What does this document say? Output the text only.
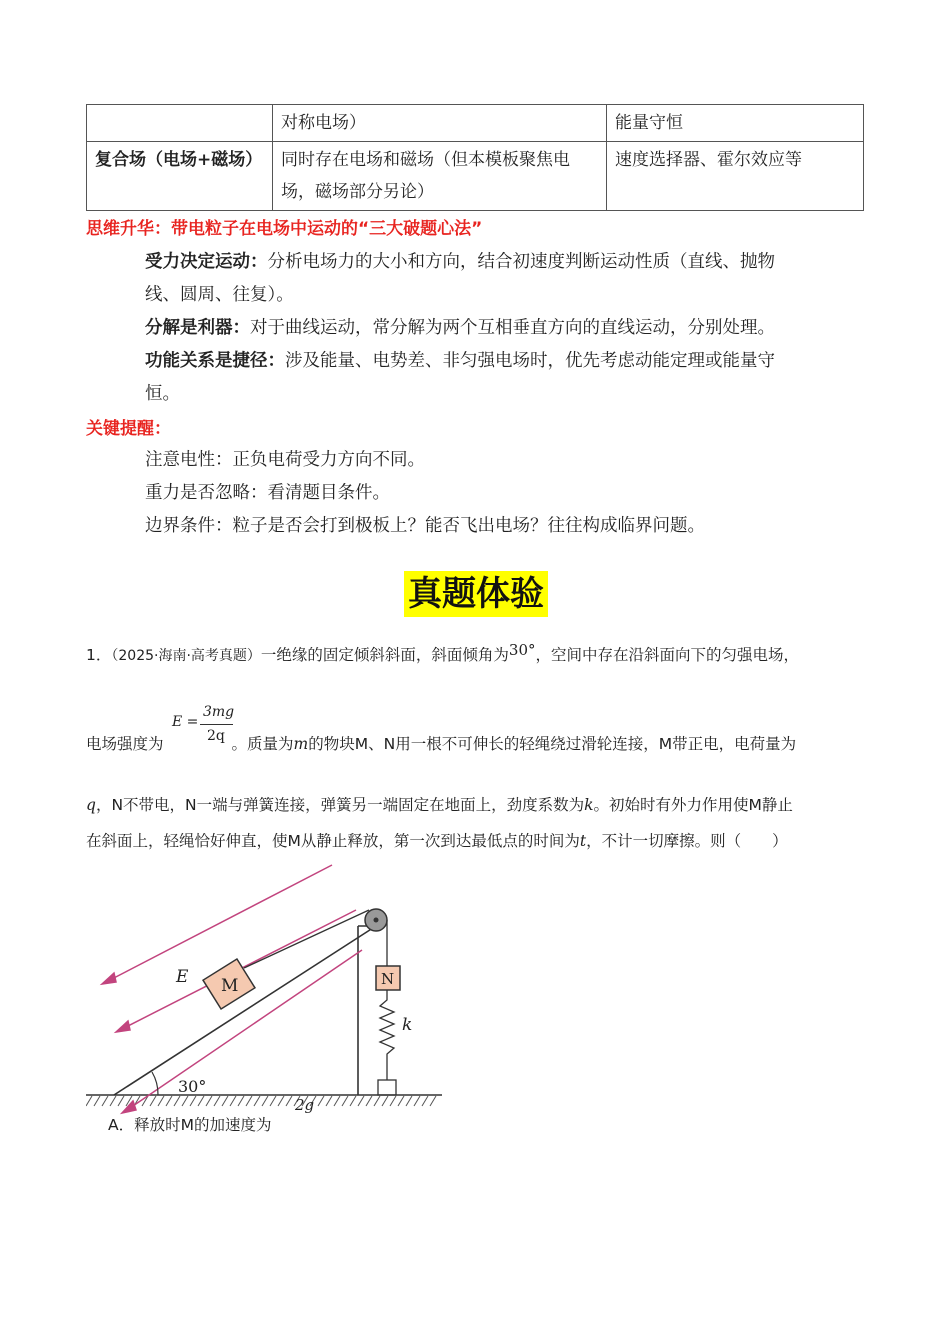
	对称电场）	能量守恒
复合场（电场+磁场）	同时存在电场和磁场（但本模板聚焦电场，磁场部分另论）	速度选择器、霍尔效应等
思维升华：带电粒子在电场中运动的“三大破题心法”
受力决定运动：分析电场力的大小和方向，结合初速度判断运动性质（直线、抛物
线、圆周、往复）。
分解是利器：对于曲线运动，常分解为两个互相垂直方向的直线运动，分别处理。
功能关系是捷径：涉及能量、电势差、非匀强电场时，优先考虑动能定理或能量守
恒。
关键提醒：
注意电性：正负电荷受力方向不同。
重力是否忽略：看清题目条件。
边界条件：粒子是否会打到极板上？能否飞出电场？往往构成临界问题。
真题体验
1．（2025·海南·高考真题）一绝缘的固定倾斜斜面，斜面倾角为30°，空间中存在沿斜面向下的匀强电场，
E =
3mg
2q
电场强度为	。质量为m的物块M、N用一根不可伸长的轻绳绕过滑轮连接，M带正电，电荷量为
q，N不带电，N一端与弹簧连接，弹簧另一端固定在地面上，劲度系数为k。初始时有外力作用使M静止
在斜面上，轻绳恰好伸直，使M从静止释放，第一次到达最低点的时间为t，不计一切摩擦。则（　　）
M	N
k
E
30°
A．释放时M的加速度为
2g
